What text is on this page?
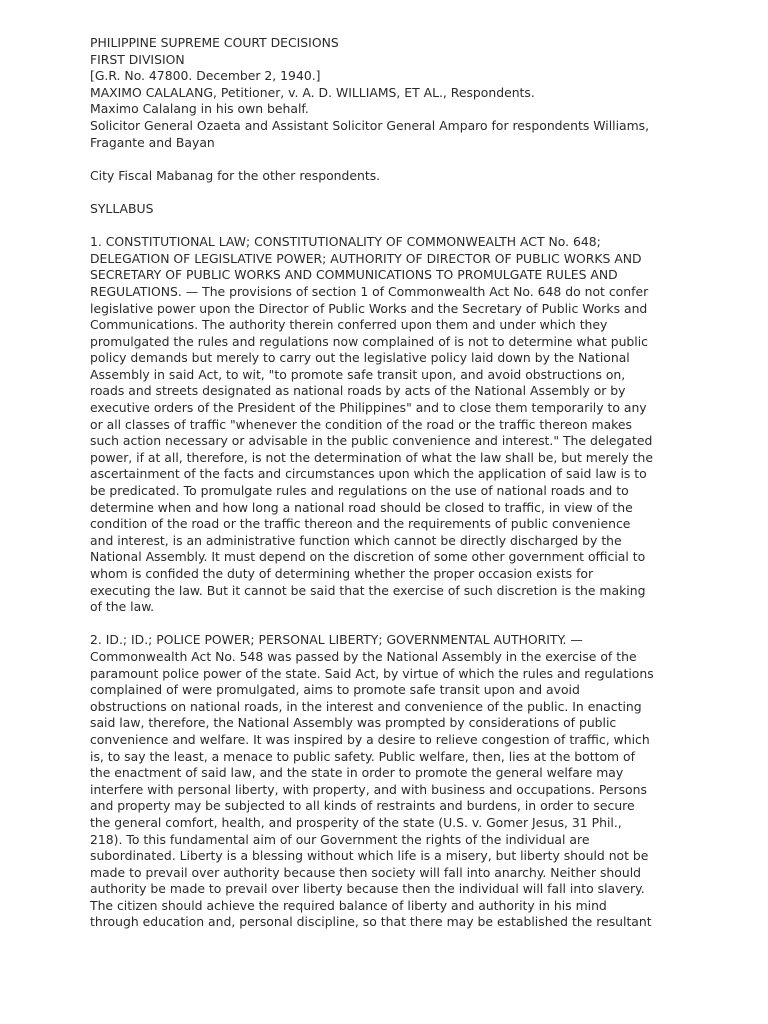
PHILIPPINE SUPREME COURT DECISIONS
FIRST DIVISION
[G.R. No. 47800. December 2, 1940.]
MAXIMO CALALANG, Petitioner, v. A. D. WILLIAMS, ET AL., Respondents.
Maximo Calalang in his own behalf.
Solicitor General Ozaeta and Assistant Solicitor General Amparo for respondents Williams,
Fragante and Bayan
City Fiscal Mabanag for the other respondents.
SYLLABUS
1. CONSTITUTIONAL LAW; CONSTITUTIONALITY OF COMMONWEALTH ACT No. 648;
DELEGATION OF LEGISLATIVE POWER; AUTHORITY OF DIRECTOR OF PUBLIC WORKS AND
SECRETARY OF PUBLIC WORKS AND COMMUNICATIONS TO PROMULGATE RULES AND
REGULATIONS. — The provisions of section 1 of Commonwealth Act No. 648 do not confer
legislative power upon the Director of Public Works and the Secretary of Public Works and
Communications. The authority therein conferred upon them and under which they
promulgated the rules and regulations now complained of is not to determine what public
policy demands but merely to carry out the legislative policy laid down by the National
Assembly in said Act, to wit, "to promote safe transit upon, and avoid obstructions on,
roads and streets designated as national roads by acts of the National Assembly or by
executive orders of the President of the Philippines" and to close them temporarily to any
or all classes of traffic "whenever the condition of the road or the traffic thereon makes
such action necessary or advisable in the public convenience and interest." The delegated
power, if at all, therefore, is not the determination of what the law shall be, but merely the
ascertainment of the facts and circumstances upon which the application of said law is to
be predicated. To promulgate rules and regulations on the use of national roads and to
determine when and how long a national road should be closed to traffic, in view of the
condition of the road or the traffic thereon and the requirements of public convenience
and interest, is an administrative function which cannot be directly discharged by the
National Assembly. It must depend on the discretion of some other government official to
whom is confided the duty of determining whether the proper occasion exists for
executing the law. But it cannot be said that the exercise of such discretion is the making
of the law.
2. ID.; ID.; POLICE POWER; PERSONAL LIBERTY; GOVERNMENTAL AUTHORITY. —
Commonwealth Act No. 548 was passed by the National Assembly in the exercise of the
paramount police power of the state. Said Act, by virtue of which the rules and regulations
complained of were promulgated, aims to promote safe transit upon and avoid
obstructions on national roads, in the interest and convenience of the public. In enacting
said law, therefore, the National Assembly was prompted by considerations of public
convenience and welfare. It was inspired by a desire to relieve congestion of traffic, which
is, to say the least, a menace to public safety. Public welfare, then, lies at the bottom of
the enactment of said law, and the state in order to promote the general welfare may
interfere with personal liberty, with property, and with business and occupations. Persons
and property may be subjected to all kinds of restraints and burdens, in order to secure
the general comfort, health, and prosperity of the state (U.S. v. Gomer Jesus, 31 Phil.,
218). To this fundamental aim of our Government the rights of the individual are
subordinated. Liberty is a blessing without which life is a misery, but liberty should not be
made to prevail over authority because then society will fall into anarchy. Neither should
authority be made to prevail over liberty because then the individual will fall into slavery.
The citizen should achieve the required balance of liberty and authority in his mind
through education and, personal discipline, so that there may be established the resultant
